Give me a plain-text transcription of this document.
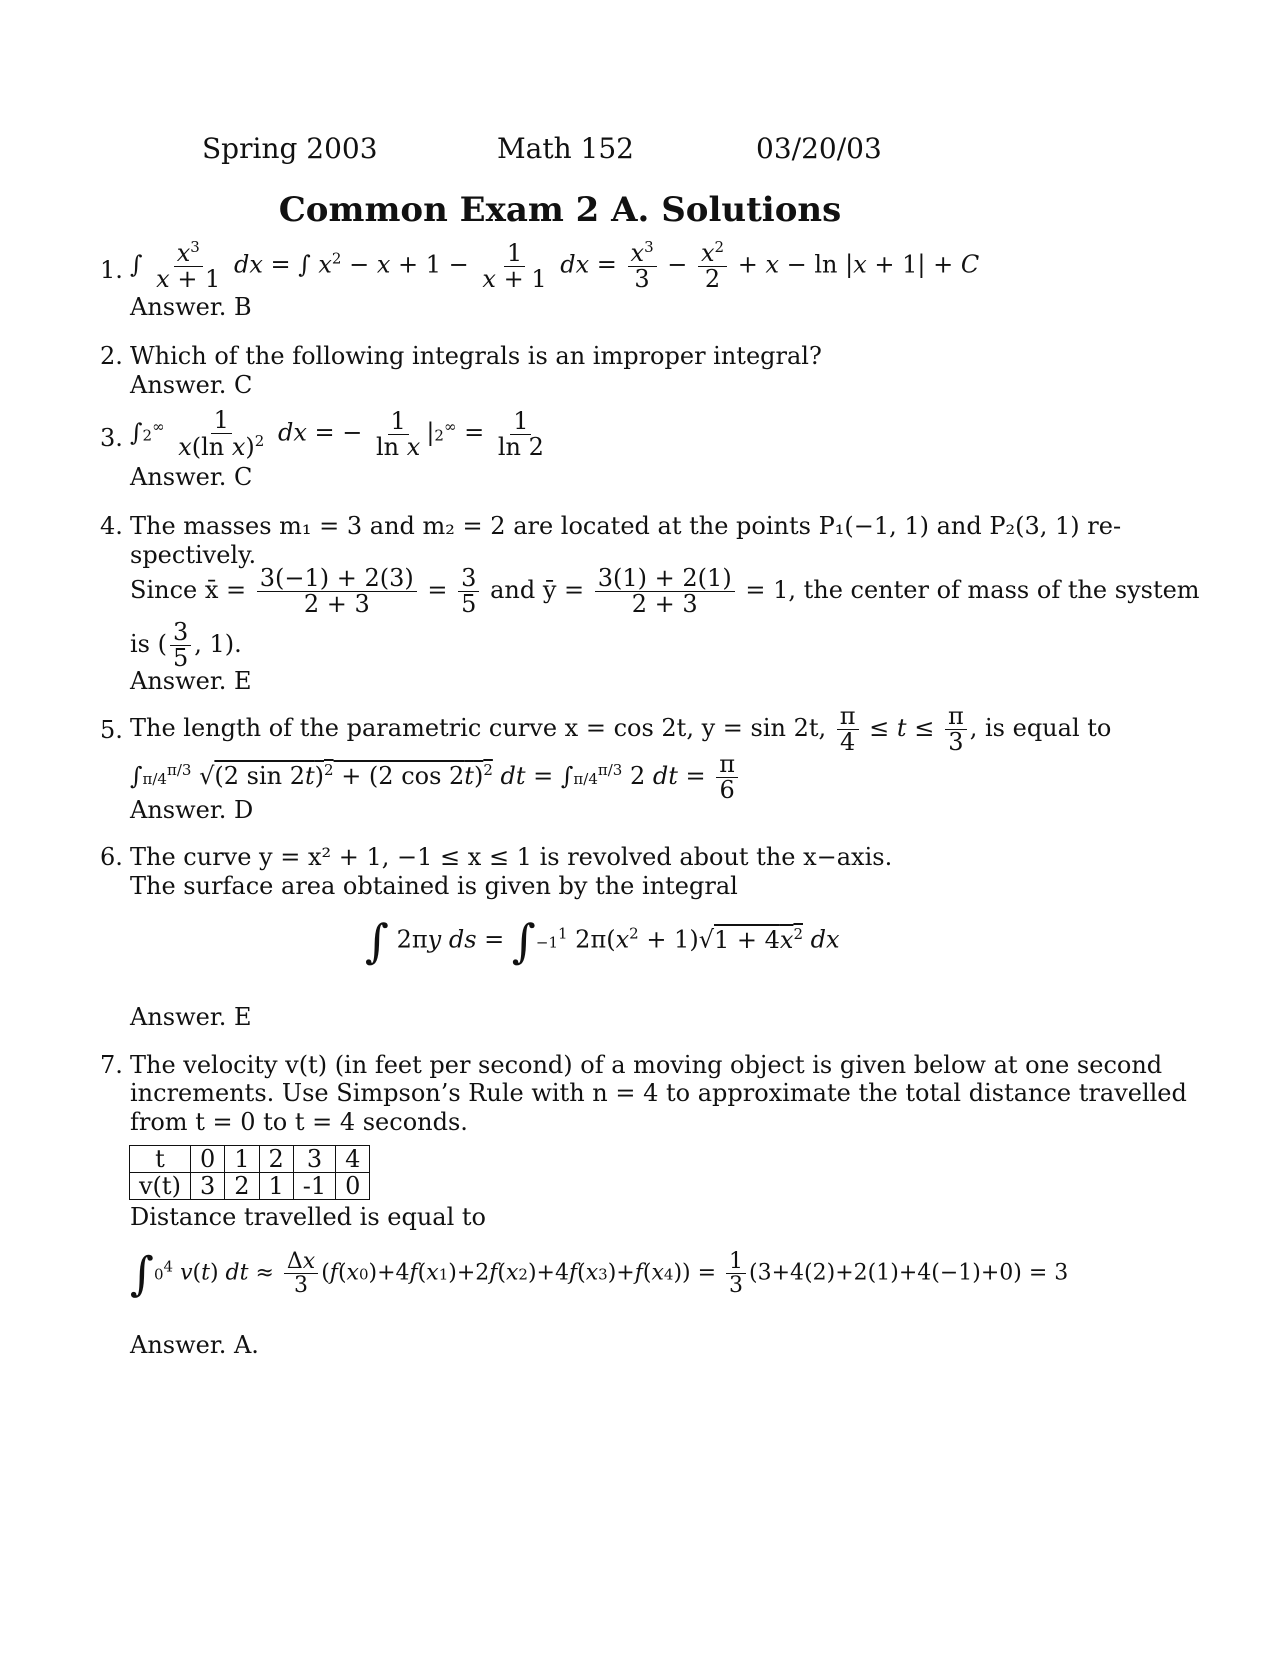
Spring 2003	Math 152	03/20/03
Common Exam 2 A. Solutions
1. ∫ $\frac{x^3}{x + 1}$ dx = ∫ $x^2 - x + 1 - \frac{1}{x + 1}$ dx = $\frac{x^3}{3} - \frac{x^2}{2} + x - \ln |x + 1| + C$
Answer. B
2. Which of the following integrals is an improper integral?
Answer. C
3. $\int 2^\infty \frac{1}{x(\ln x)^2}$ dx = − $\frac{1}{\text{ln x}} |2^\infty = \frac{1}{\ln 2}$
Answer. C
4. The masses m₁ = 3 and m₂ = 2 are located at the points P₁(−1, 1) and P₂(3, 1) re-
spectively.
Since x̄ = $\frac{3(-1) + 2(3)}{2 + 3} = \frac{3}{5}$ and ȳ = $\frac{3(1) + 2(1)}{2 + 3} = 1$, the center of mass of the system
is ( $\frac{3}{5}$ , 1).
Answer. E
5. The length of the parametric curve x = cos 2t, y = sin 2t, $\frac{\pi}{4} \le t \le \frac{\pi}{3}$ , is equal to
$\int\pi/4^{\pi/3}$ √(2 sin 2t)$^2$ + (2 cos 2t)$^2$ dt = $\int\pi/4^{\pi/3}$ 2 dt = $\frac{\pi}{6}$
Answer. D
6. The curve y = x² + 1, −1 ≤ x ≤ 1 is revolved about the x−axis.
The surface area obtained is given by the integral
∫ 2πy ds = $\int-1^1$ $2\pi(x^2 + 1)√1 + 4x^2$ dx
Answer. E
7. The velocity v(t) (in feet per second) of a moving object is given below at one second
increments. Use Simpson’s Rule with n = 4 to approximate the total distance travelled
from t = 0 to t = 4 seconds.
t	0	1	2	3	4
v(t)	3	2	1	-1	0
Distance travelled is equal to
$\int 0^4$ v(t) dt ≈ $\frac{\Delta x}{3} (f(x0)+4f(x1)+2f(x2)+4f(x3)+f(x4)) = \frac{1}{3} (3+4(2)+2(1)+4(-1)+0) = 3$
Answer. A.
